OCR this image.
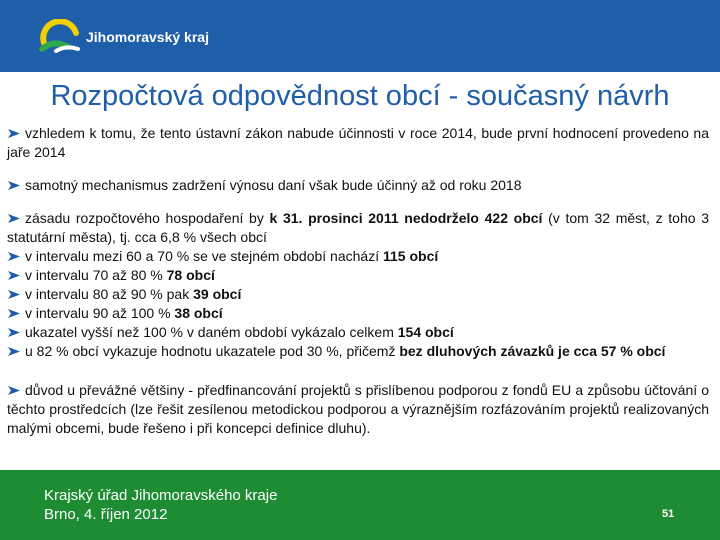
Jihomoravský kraj
Rozpočtová odpovědnost obcí - současný návrh

vzhledem k tomu, že tento ústavní zákon nabude účinnosti v roce 2014, bude první hodnocení provedeno na jaře 2014

samotný mechanismus zadržení výnosu daní však bude účinný až od roku 2018

zásadu rozpočtového hospodaření by k 31. prosinci 2011 nedodrželo 422 obcí (v tom 32 měst, z toho 3 statutární města), tj. cca 6,8 % všech obcí

v intervalu mezi 60 a 70 % se ve stejném období nachází 115 obcí

v intervalu 70 až 80 % 78 obcí

v intervalu 80 až 90 % pak 39 obcí

v intervalu 90 až 100 % 38 obcí

ukazatel vyšší než 100 % v daném období vykázalo celkem 154 obcí

u 82 % obcí vykazuje hodnotu ukazatele pod 30 %, přičemž bez dluhových závazků je cca 57 % obcí

důvod u převážné většiny - předfinancování projektů s přislíbenou podporou z fondů EU a způsobu účtování o těchto prostředcích (lze řešit zesílenou metodickou podporou a výraznějším rozfázováním projektů realizovaných malými obcemi, bude řešeno i při koncepci definice dluhu).

Krajský úřad Jihomoravského kraje
Brno, 4. říjen 2012	51
